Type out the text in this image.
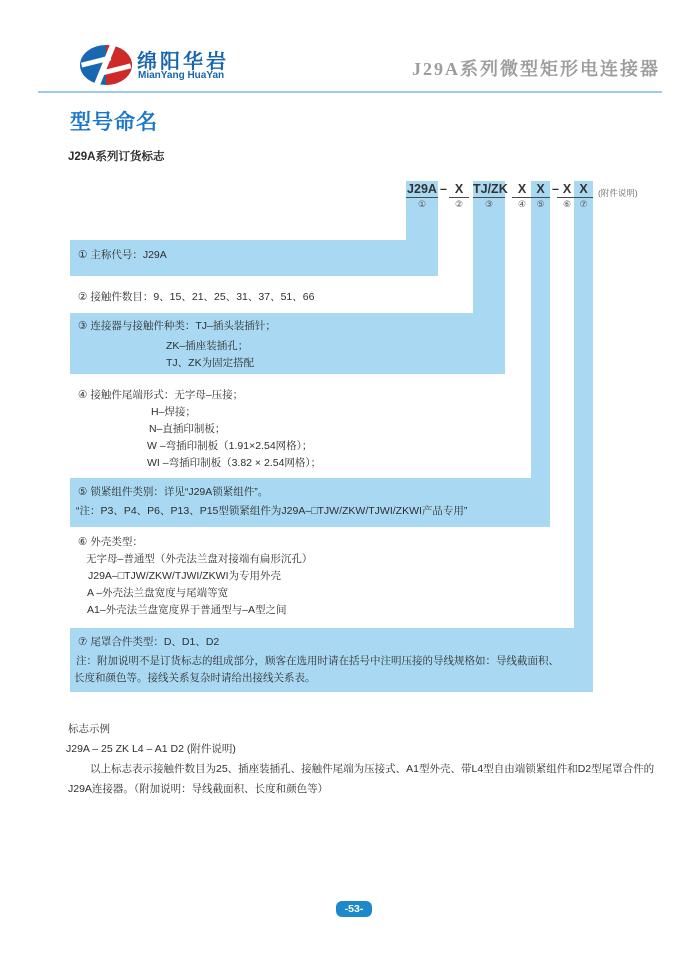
绵阳华岩
MianYang HuaYan	J29A系列微型矩形电连接器
型号命名
J29A系列订货标志
J29A
①
– X
②
TJ/ZK
③
X
④
X
⑤
– X
⑥
X
⑦
(附件说明)
① 主称代号：J29A
② 接触件数目：9、15、21、25、31、37、51、66
③ 连接器与接触件种类：TJ–插头装插针；
ZK–插座装插孔；
TJ、ZK为固定搭配
④ 接触件尾端形式：无字母–压接；
H–焊接；
N–直插印制板；
W –弯插印制板（1.91×2.54网格）；
WI –弯插印制板（3.82 × 2.54网格）；
⑤ 锁紧组件类别：详见“J29A锁紧组件”。
“注：P3、P4、P6、P13、P15型锁紧组件为J29A–□TJW/ZKW/TJWI/ZKWI产品专用”
⑥ 外壳类型：
无字母–普通型（外壳法兰盘对接端有扁形沉孔）
J29A–□TJW/ZKW/TJWI/ZKWI为专用外壳
A –外壳法兰盘宽度与尾端等宽
A1–外壳法兰盘宽度界于普通型与–A型之间
⑦ 尾罩合件类型：D、D1、D2
注：附加说明不是订货标志的组成部分，顾客在选用时请在括号中注明压接的导线规格如：导线截面积、
长度和颜色等。接线关系复杂时请给出接线关系表。
标志示例
J29A – 25 ZK L4 – A1 D2 (附件说明)
以上标志表示接触件数目为25、插座装插孔、接触件尾端为压接式、A1型外壳、带L4型自由端锁紧组件和D2型尾罩合件的
J29A连接器。（附加说明：导线截面积、长度和颜色等）
-53-
